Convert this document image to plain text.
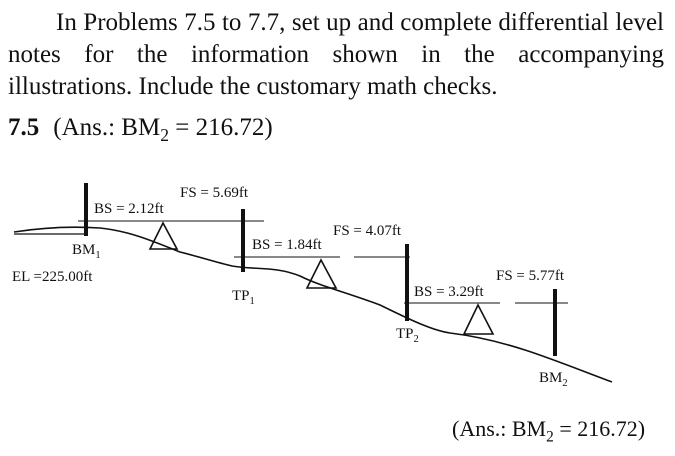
In Problems 7.5 to 7.7, set up and complete differential level notes for the information shown in the accompanying illustrations. Include the customary math checks.

7.5 (Ans.: $BM_2 = 216.72$)

BS = 2.12ft
FS = 5.69ft
BS = 1.84ft
FS = 4.07ft
BS = 3.29ft
FS = 5.77ft
$BM_1$
EL =225.00ft
$TP_1$
$TP_2$
$BM_2$
(Ans.: $BM_2 = 216.72$)
